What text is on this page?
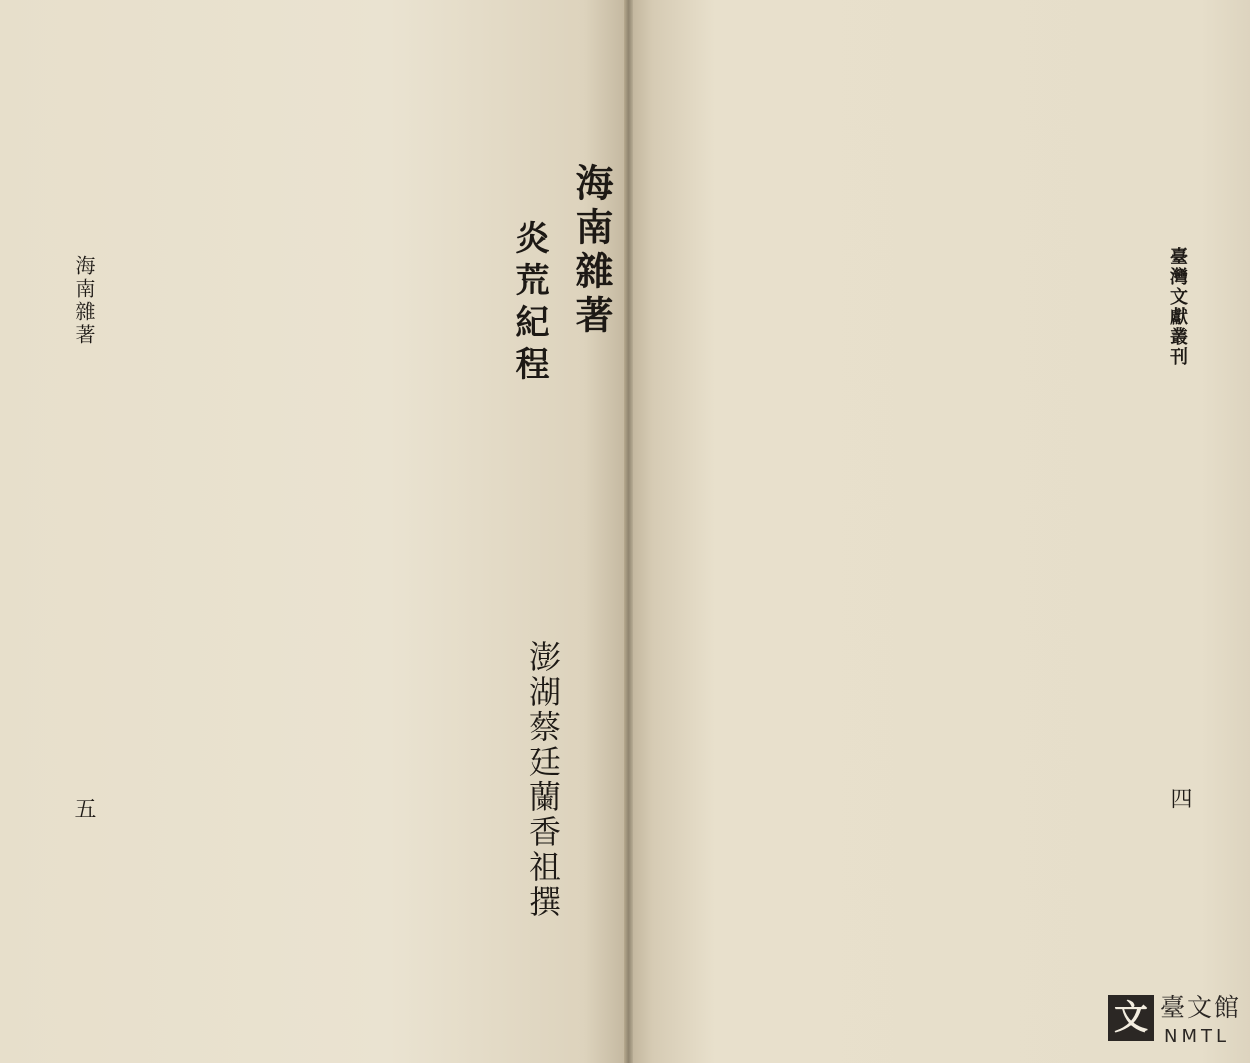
海南雜著
炎荒紀程
澎湖蔡廷蘭香祖撰
海南雜著
五
臺灣文獻叢刊
四
文 臺文館
NMTL
